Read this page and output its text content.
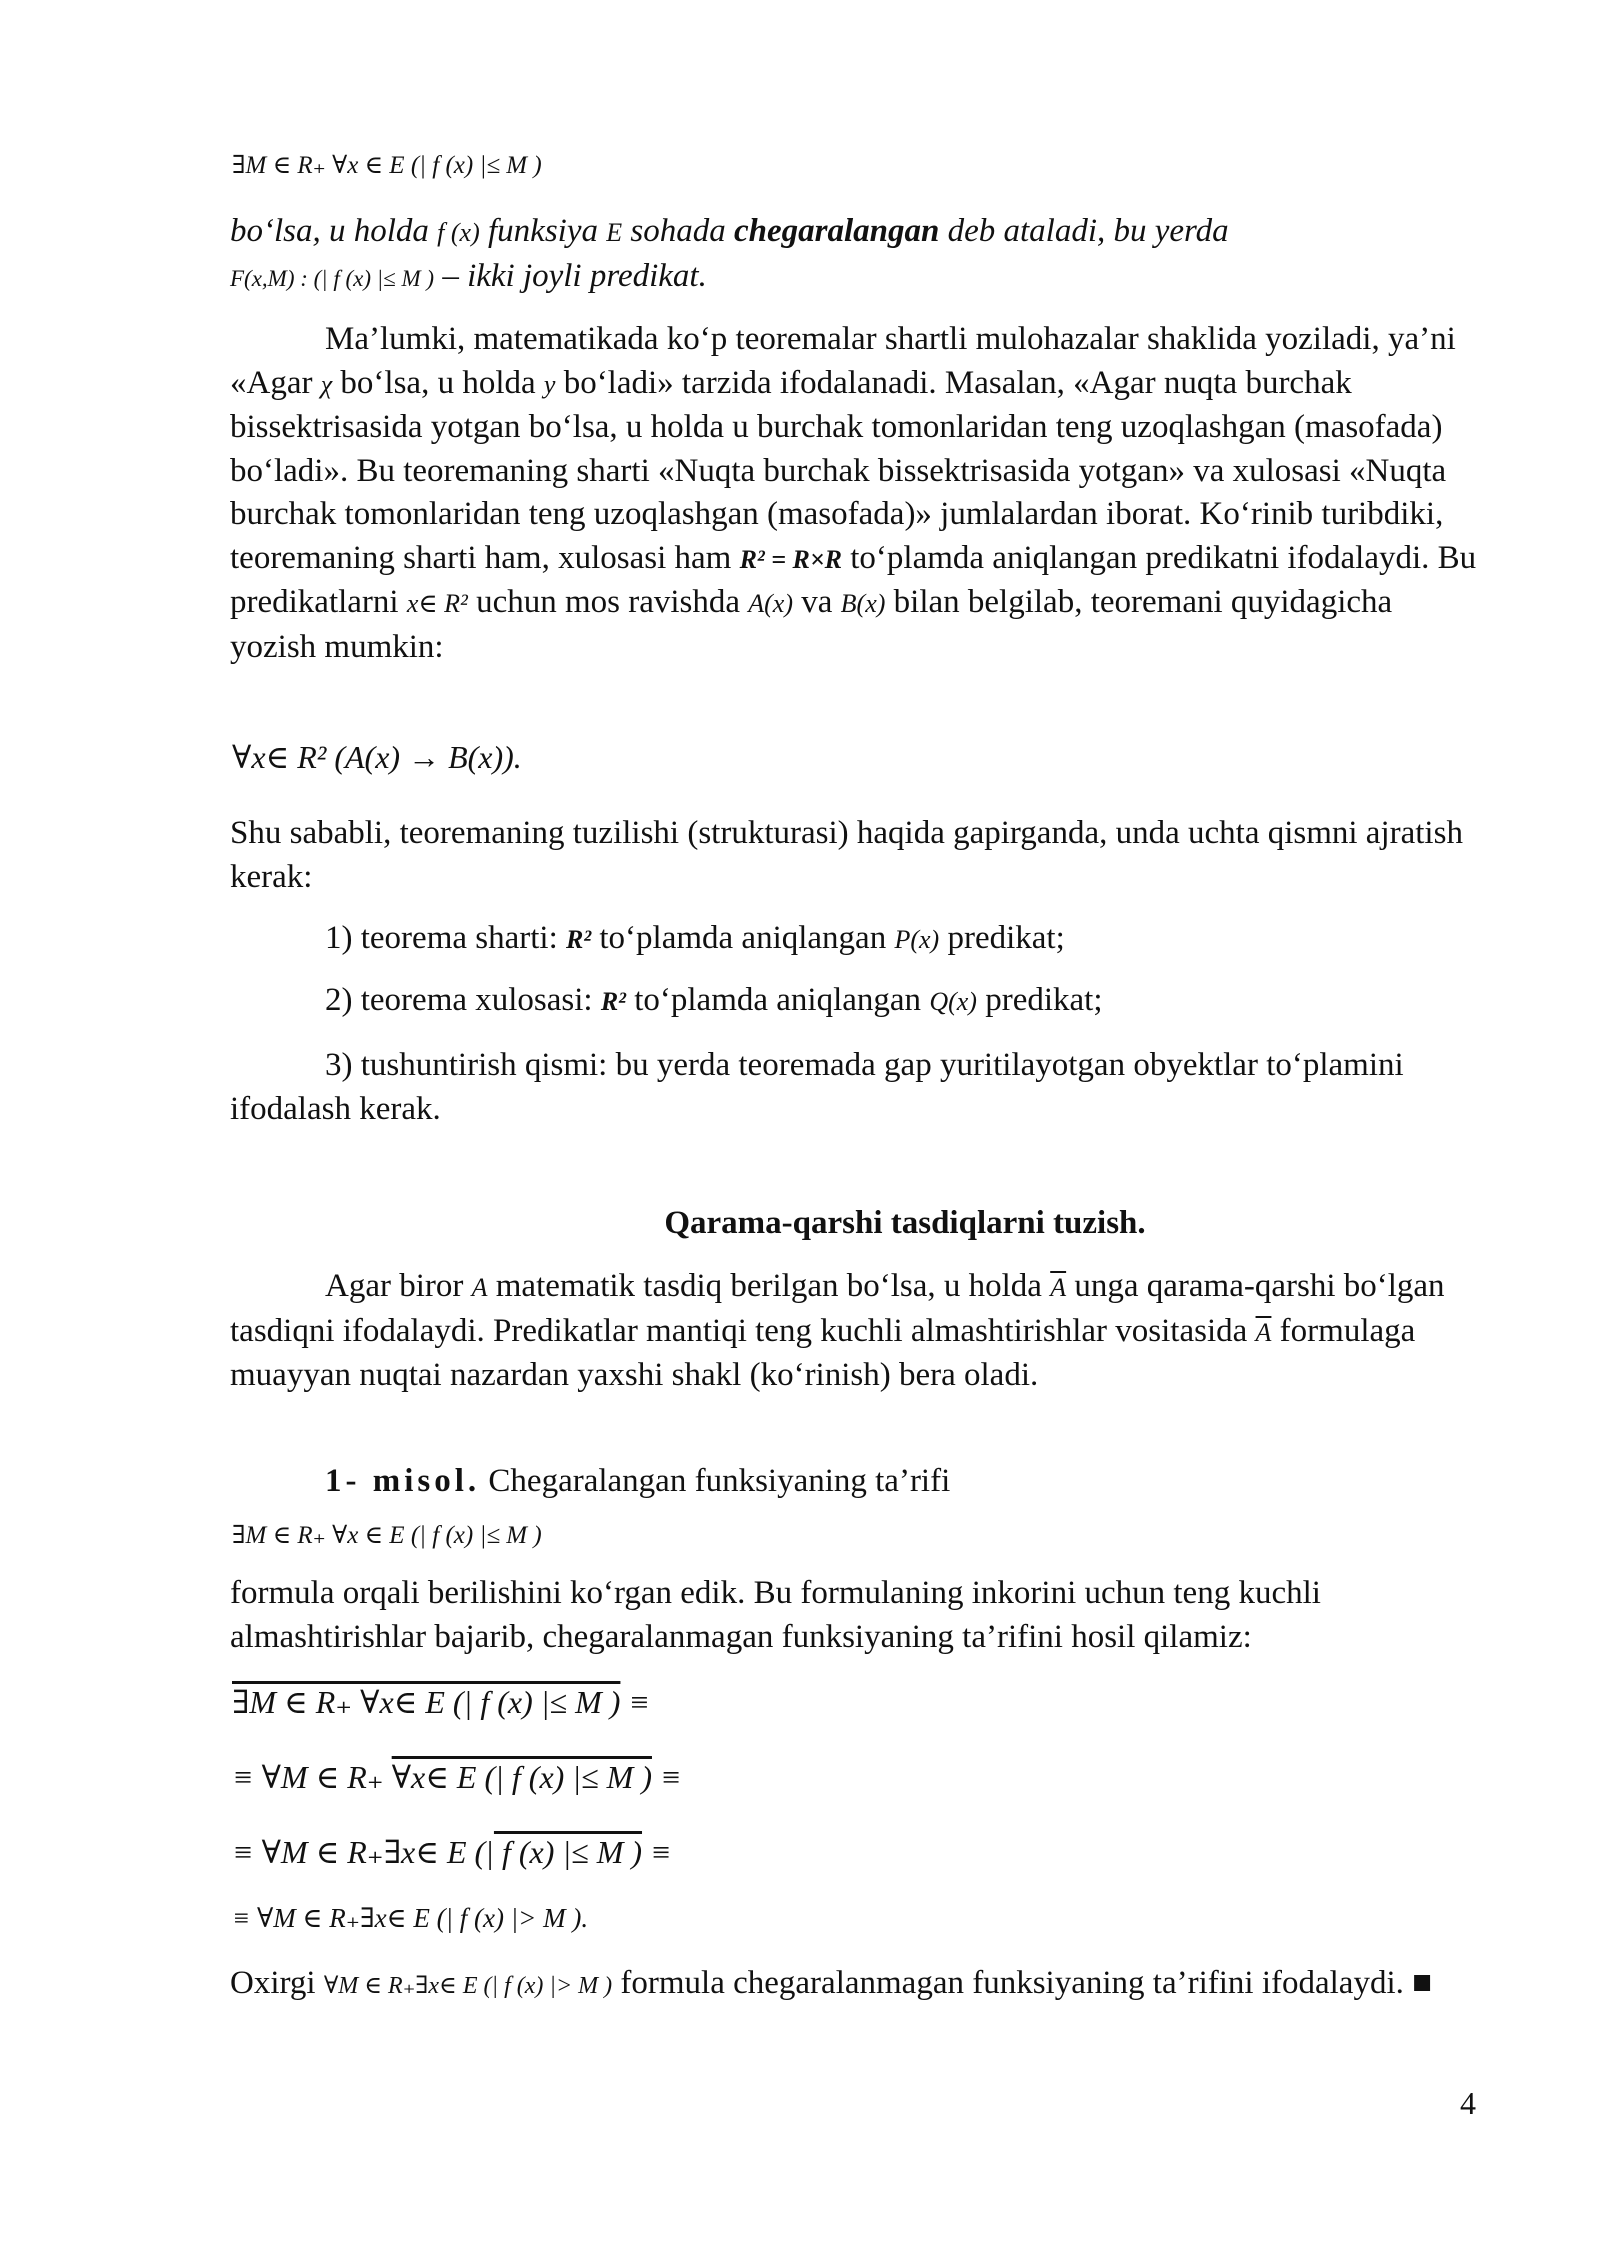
∃M ∈ R₊ ∀x ∈ E (| f (x) |≤ M )
bo‘lsa, u holda f (x) funksiya E sohada chegaralangan deb ataladi, bu yerda
F(x,M) : (| f (x) |≤ M ) – ikki joyli predikat.
Ma’lumki, matematikada ko‘p teoremalar shartli mulohazalar shaklida yoziladi, ya’ni «Agar χ bo‘lsa, u holda y bo‘ladi» tarzida ifodalanadi. Masalan, «Agar nuqta burchak bissektrisasida yotgan bo‘lsa, u holda u burchak tomonlaridan teng uzoqlashgan (masofada) bo‘ladi». Bu teoremaning sharti «Nuqta burchak bissektrisasida yotgan» va xulosasi «Nuqta burchak tomonlaridan teng uzoqlashgan (masofada)» jumlalardan iborat. Ko‘rinib turibdiki, teoremaning sharti ham, xulosasi ham R² = R×R to‘plamda aniqlangan predikatni ifodalaydi. Bu predikatlarni x∈ R² uchun mos ravishda A(x) va B(x) bilan belgilab, teoremani quyidagicha yozish mumkin:
∀x∈ R² (A(x) → B(x)).
Shu sababli, teoremaning tuzilishi (strukturasi) haqida gapirganda, unda uchta qismni ajratish kerak:
1) teorema sharti: R² to‘plamda aniqlangan P(x) predikat;
2) teorema xulosasi: R² to‘plamda aniqlangan Q(x) predikat;
3) tushuntirish qismi: bu yerda teoremada gap yuritilayotgan obyektlar to‘plamini ifodalash kerak.
Qarama-qarshi tasdiqlarni tuzish.
Agar biror A matematik tasdiq berilgan bo‘lsa, u holda $\overline{A}$ unga qarama-qarshi bo‘lgan tasdiqni ifodalaydi. Predikatlar mantiqi teng kuchli almashtirishlar vositasida $\overline{A}$ formulaga muayyan nuqtai nazardan yaxshi shakl (ko‘rinish) bera oladi.
1- misol. Chegaralangan funksiyaning ta’rifi
∃M ∈ R₊ ∀x ∈ E (| f (x) |≤ M )
formula orqali berilishini ko‘rgan edik. Bu formulaning inkorini uchun teng kuchli almashtirishlar bajarib, chegaralanmagan funksiyaning ta’rifini hosil qilamiz:
∃M ∈ R₊ ∀x∈ E (| f (x) |≤ M ) ≡
≡ ∀M ∈ R₊ ∀x∈ E (| f (x) |≤ M ) ≡
≡ ∀M ∈ R₊∃x∈ E (| f (x) |≤ M ) ≡
≡ ∀M ∈ R₊∃x∈ E (| f (x) |> M ).
Oxirgi ∀M ∈ R₊∃x∈ E (| f (x) |> M ) formula chegaralanmagan funksiyaning ta’rifini ifodalaydi. ■
4
